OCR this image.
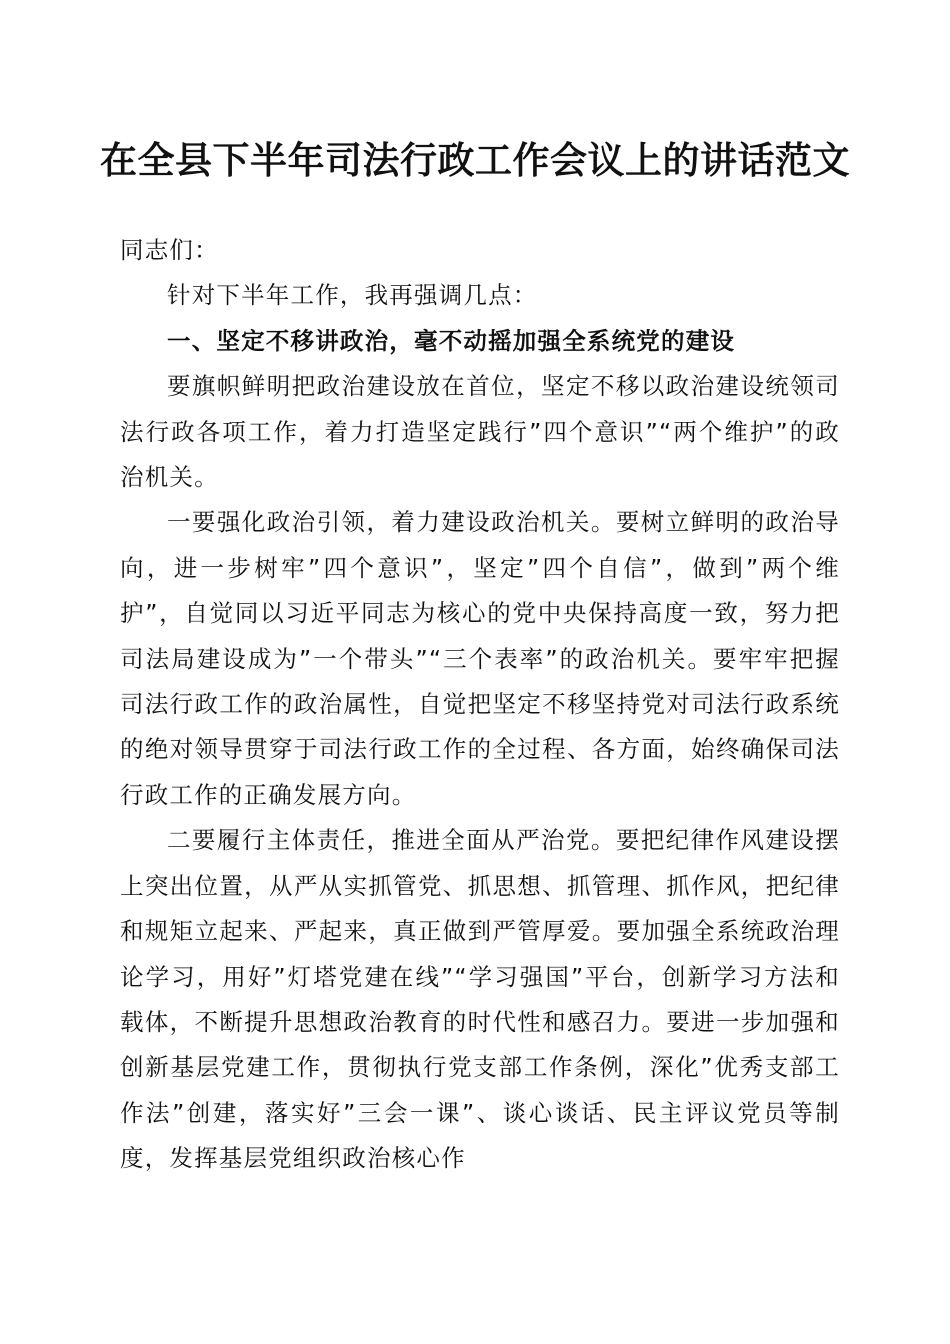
在全县下半年司法行政工作会议上的讲话范文

同志们：

针对下半年工作，我再强调几点：

一、坚定不移讲政治，毫不动摇加强全系统党的建设

要旗帜鲜明把政治建设放在首位，坚定不移以政治建设统领司法行政各项工作，着力打造坚定践行”四个意识”“两个维护”的政治机关。

一要强化政治引领，着力建设政治机关。要树立鲜明的政治导向，进一步树牢”四个意识”，坚定”四个自信”，做到”两个维护”，自觉同以习近平同志为核心的党中央保持高度一致，努力把司法局建设成为”一个带头”“三个表率”的政治机关。要牢牢把握司法行政工作的政治属性，自觉把坚定不移坚持党对司法行政系统的绝对领导贯穿于司法行政工作的全过程、各方面，始终确保司法行政工作的正确发展方向。

二要履行主体责任，推进全面从严治党。要把纪律作风建设摆上突出位置，从严从实抓管党、抓思想、抓管理、抓作风，把纪律和规矩立起来、严起来，真正做到严管厚爱。要加强全系统政治理论学习，用好”灯塔党建在线”“学习强国”平台，创新学习方法和载体，不断提升思想政治教育的时代性和感召力。要进一步加强和创新基层党建工作，贯彻执行党支部工作条例，深化”优秀支部工作法”创建，落实好”三会一课”、谈心谈话、民主评议党员等制度，发挥基层党组织政治核心作
